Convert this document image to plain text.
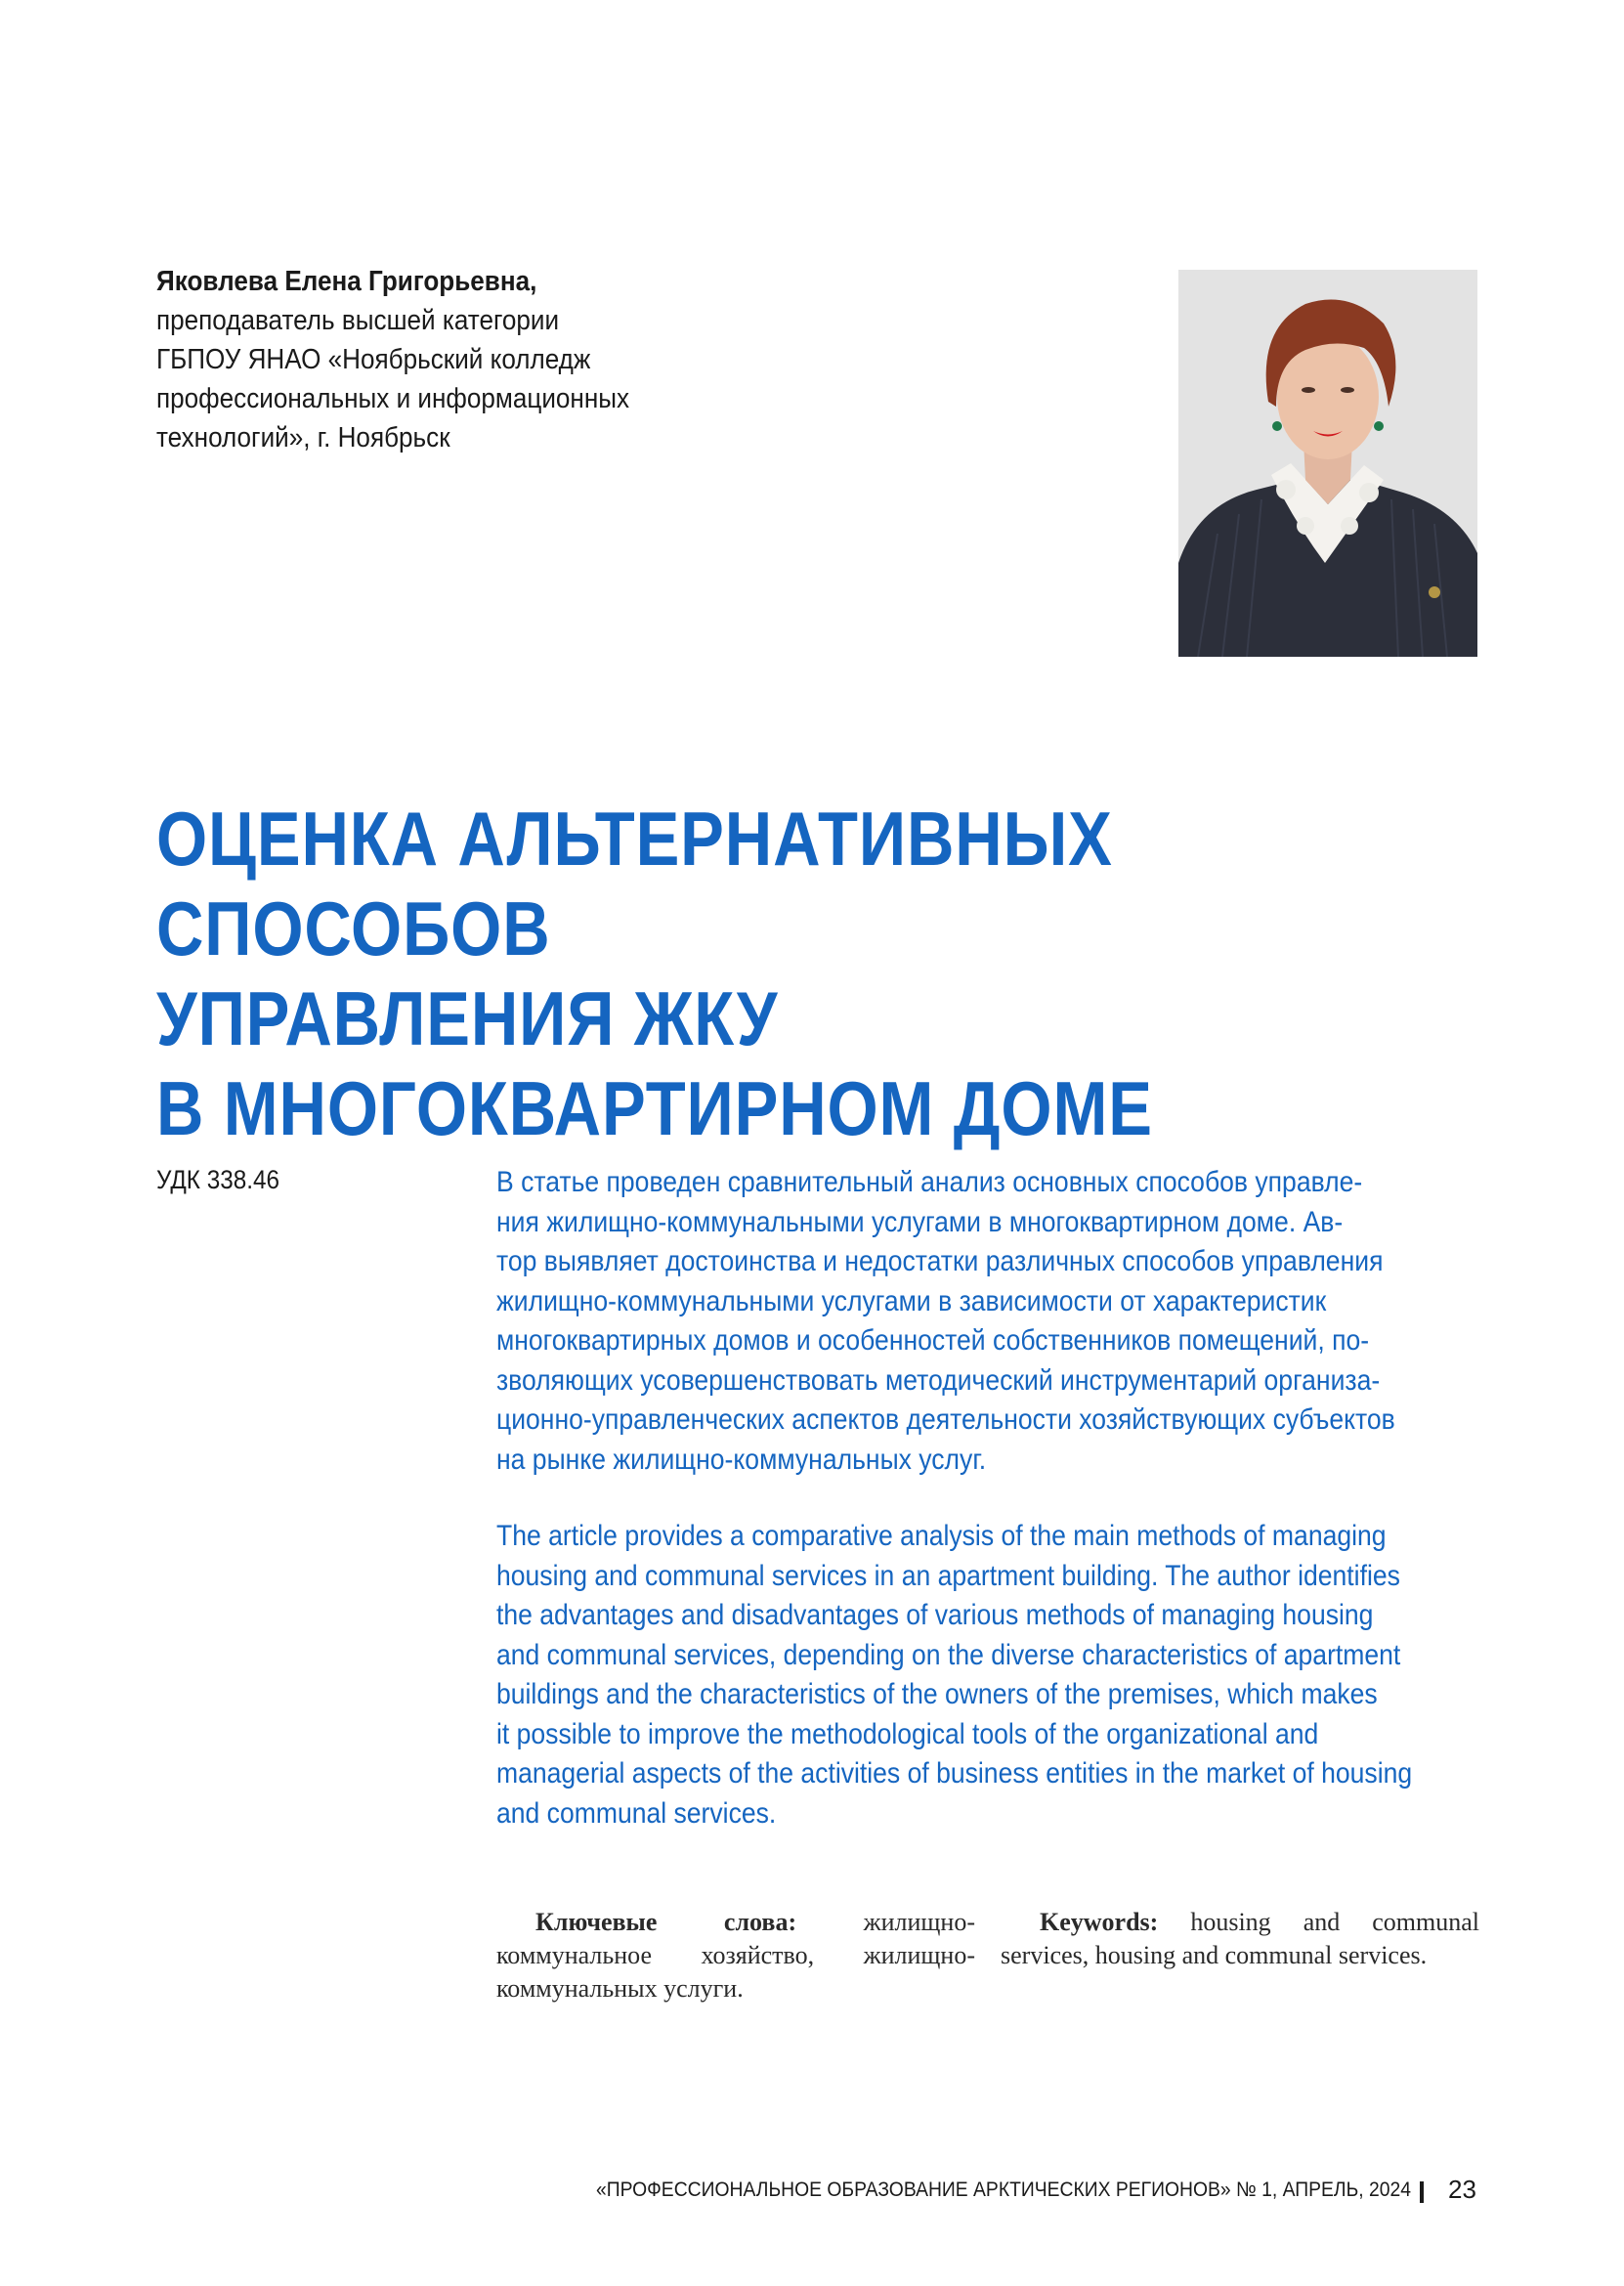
Яковлева Елена Григорьевна,
преподаватель высшей категории
ГБПОУ ЯНАО «Ноябрьский колледж
профессиональных и информационных
технологий», г. Ноябрьск
ОЦЕНКА АЛЬТЕРНАТИВНЫХ СПОСОБОВ
УПРАВЛЕНИЯ ЖКУ
В МНОГОКВАРТИРНОМ ДОМЕ
УДК 338.46	В статье проведен сравнительный анализ основных способов управле-
ния жилищно-коммунальными услугами в многоквартирном доме. Ав-
тор выявляет достоинства и недостатки различных способов управления
жилищно-коммунальными услугами в зависимости от характеристик
многоквартирных домов и особенностей собственников помещений, по-
зволяющих усовершенствовать методический инструментарий организа-
ционно-управленческих аспектов деятельности хозяйствующих субъектов
на рынке жилищно-коммунальных услуг.
The article provides a comparative analysis of the main methods of managing
housing and communal services in an apartment building. The author identifies
the advantages and disadvantages of various methods of managing housing
and communal services, depending on the diverse characteristics of apartment
buildings and the characteristics of the owners of the premises, which makes
it possible to improve the methodological tools of the organizational and
managerial aspects of the activities of business entities in the market of housing
and communal services.
Ключевые слова: жилищно-коммунальное хозяйство, жилищно-коммунальных услуги.
Keywords: housing and communal services, housing and communal services.
«ПРОФЕССИОНАЛЬНОЕ ОБРАЗОВАНИЕ АРКТИЧЕСКИХ РЕГИОНОВ» № 1, АПРЕЛЬ, 2024 23
